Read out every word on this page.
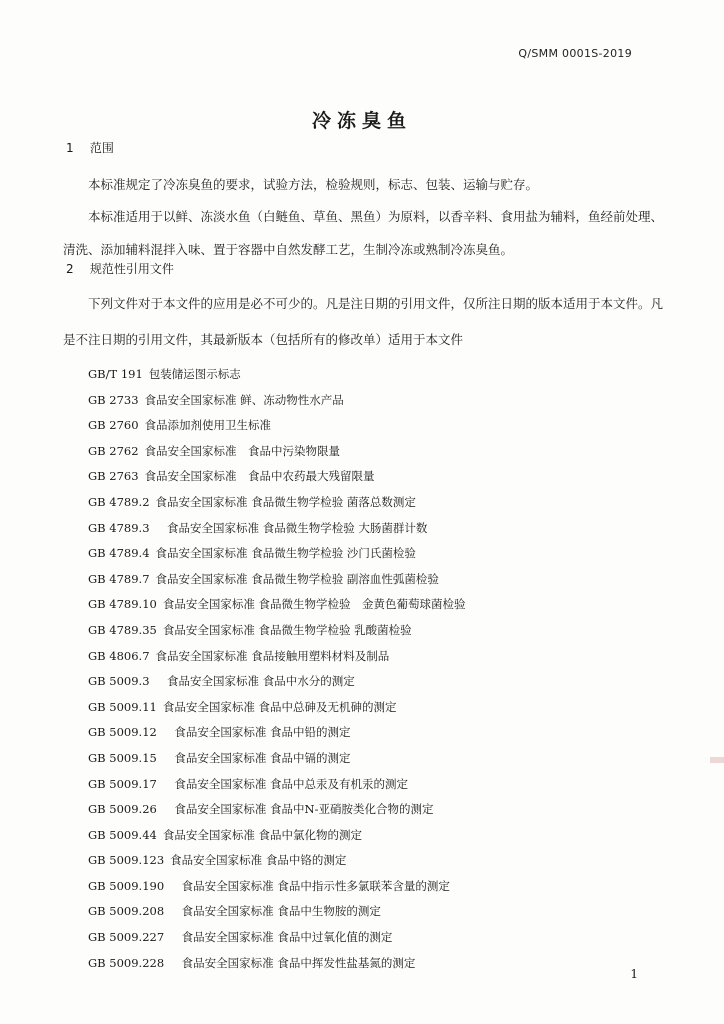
Q/SMM 0001S-2019
冷冻臭鱼
1 范围
本标准规定了冷冻臭鱼的要求，试验方法，检验规则，标志、包装、运输与贮存。
本标准适用于以鲜、冻淡水鱼（白鲢鱼、草鱼、黑鱼）为原料，以香辛料、食用盐为辅料，鱼经前处理、清洗、添加辅料混拌入味、置于容器中自然发酵工艺，生制冷冻或熟制冷冻臭鱼。
2 规范性引用文件
下列文件对于本文件的应用是必不可少的。凡是注日期的引用文件，仅所注日期的版本适用于本文件。凡是不注日期的引用文件，其最新版本（包括所有的修改单）适用于本文件
GB/T 191 包装储运图示标志
GB 2733 食品安全国家标准 鲜、冻动物性水产品
GB 2760 食品添加剂使用卫生标准
GB 2762 食品安全国家标准　食品中污染物限量
GB 2763 食品安全国家标准　食品中农药最大残留限量
GB 4789.2 食品安全国家标准 食品微生物学检验 菌落总数测定
GB 4789.3　食品安全国家标准 食品微生物学检验 大肠菌群计数
GB 4789.4 食品安全国家标准 食品微生物学检验 沙门氏菌检验
GB 4789.7 食品安全国家标准 食品微生物学检验 副溶血性弧菌检验
GB 4789.10 食品安全国家标准 食品微生物学检验　金黄色葡萄球菌检验
GB 4789.35 食品安全国家标准 食品微生物学检验 乳酸菌检验
GB 4806.7 食品安全国家标准 食品接触用塑料材料及制品
GB 5009.3　食品安全国家标准 食品中水分的测定
GB 5009.11 食品安全国家标准 食品中总砷及无机砷的测定
GB 5009.12　食品安全国家标准 食品中铅的测定
GB 5009.15　食品安全国家标准 食品中镉的测定
GB 5009.17　食品安全国家标准 食品中总汞及有机汞的测定
GB 5009.26　食品安全国家标准 食品中N-亚硝胺类化合物的测定
GB 5009.44 食品安全国家标准 食品中氯化物的测定
GB 5009.123 食品安全国家标准 食品中铬的测定
GB 5009.190　食品安全国家标准 食品中指示性多氯联苯含量的测定
GB 5009.208　食品安全国家标准 食品中生物胺的测定
GB 5009.227　食品安全国家标准 食品中过氧化值的测定
GB 5009.228　食品安全国家标准 食品中挥发性盐基氮的测定
1
